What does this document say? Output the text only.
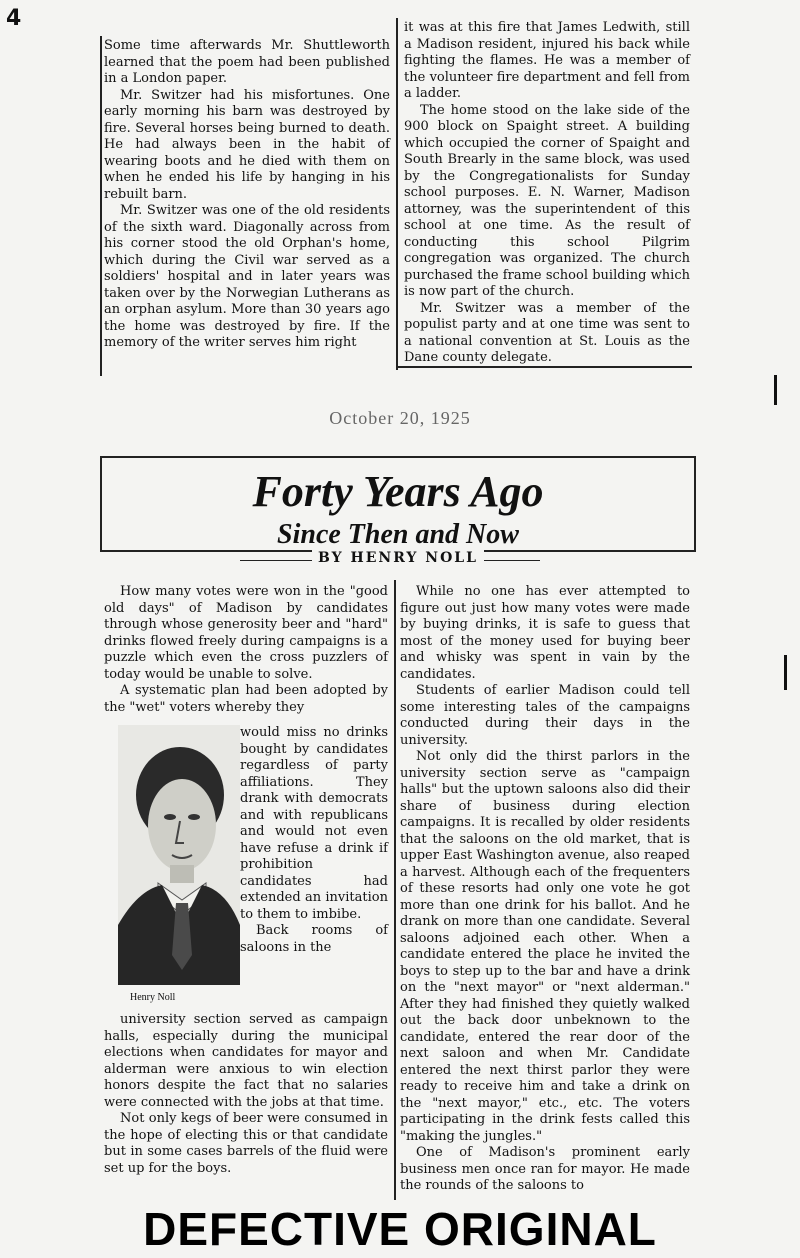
4

Some time afterwards Mr. Shuttleworth learned that the poem had been published in a London paper.

Mr. Switzer had his misfortunes. One early morning his barn was destroyed by fire. Several horses being burned to death. He had always been in the habit of wearing boots and he died with them on when he ended his life by hanging in his rebuilt barn.

Mr. Switzer was one of the old residents of the sixth ward. Diagonally across from his corner stood the old Orphan's home, which during the Civil war served as a soldiers' hospital and in later years was taken over by the Norwegian Lutherans as an orphan asylum. More than 30 years ago the home was destroyed by fire. If the memory of the writer serves him right

it was at this fire that James Ledwith, still a Madison resident, injured his back while fighting the flames. He was a member of the volunteer fire department and fell from a ladder.

The home stood on the lake side of the 900 block on Spaight street. A building which occupied the corner of Spaight and South Brearly in the same block, was used by the Congregationalists for Sunday school purposes. E. N. Warner, Madison attorney, was the superintendent of this school at one time. As the result of conducting this school Pilgrim congregation was organized. The church purchased the frame school building which is now part of the church.

Mr. Switzer was a member of the populist party and at one time was sent to a national convention at St. Louis as the Dane county delegate.

October 20, 1925
Forty Years Ago
Since Then and Now
BY HENRY NOLL

How many votes were won in the "good old days" of Madison by candidates through whose generosity beer and "hard" drinks flowed freely during campaigns is a puzzle which even the cross puzzlers of today would be unable to solve.

A systematic plan had been adopted by the "wet" voters whereby they

Henry Noll

would miss no drinks bought by candidates regardless of party affiliations. They drank with democrats and with republicans and would not even have refuse a drink if prohibition candidates had extended an invitation to them to imbibe.

Back rooms of saloons in the

university section served as campaign halls, especially during the municipal elections when candidates for mayor and alderman were anxious to win election honors despite the fact that no salaries were connected with the jobs at that time.

Not only kegs of beer were consumed in the hope of electing this or that candidate but in some cases barrels of the fluid were set up for the boys.

While no one has ever attempted to figure out just how many votes were made by buying drinks, it is safe to guess that most of the money used for buying beer and whisky was spent in vain by the candidates.

Students of earlier Madison could tell some interesting tales of the campaigns conducted during their days in the university.

Not only did the thirst parlors in the university section serve as "campaign halls" but the uptown saloons also did their share of business during election campaigns. It is recalled by older residents that the saloons on the old market, that is upper East Washington avenue, also reaped a harvest. Although each of the frequenters of these resorts had only one vote he got more than one drink for his ballot. And he drank on more than one candidate. Several saloons adjoined each other. When a candidate entered the place he invited the boys to step up to the bar and have a drink on the "next mayor" or "next alderman." After they had finished they quietly walked out the back door unbeknown to the candidate, entered the rear door of the next saloon and when Mr. Candidate entered the next thirst parlor they were ready to receive him and take a drink on the "next mayor," etc., etc. The voters participating in the drink fests called this "making the jungles."

One of Madison's prominent early business men once ran for mayor. He made the rounds of the saloons to

DEFECTIVE ORIGINAL
